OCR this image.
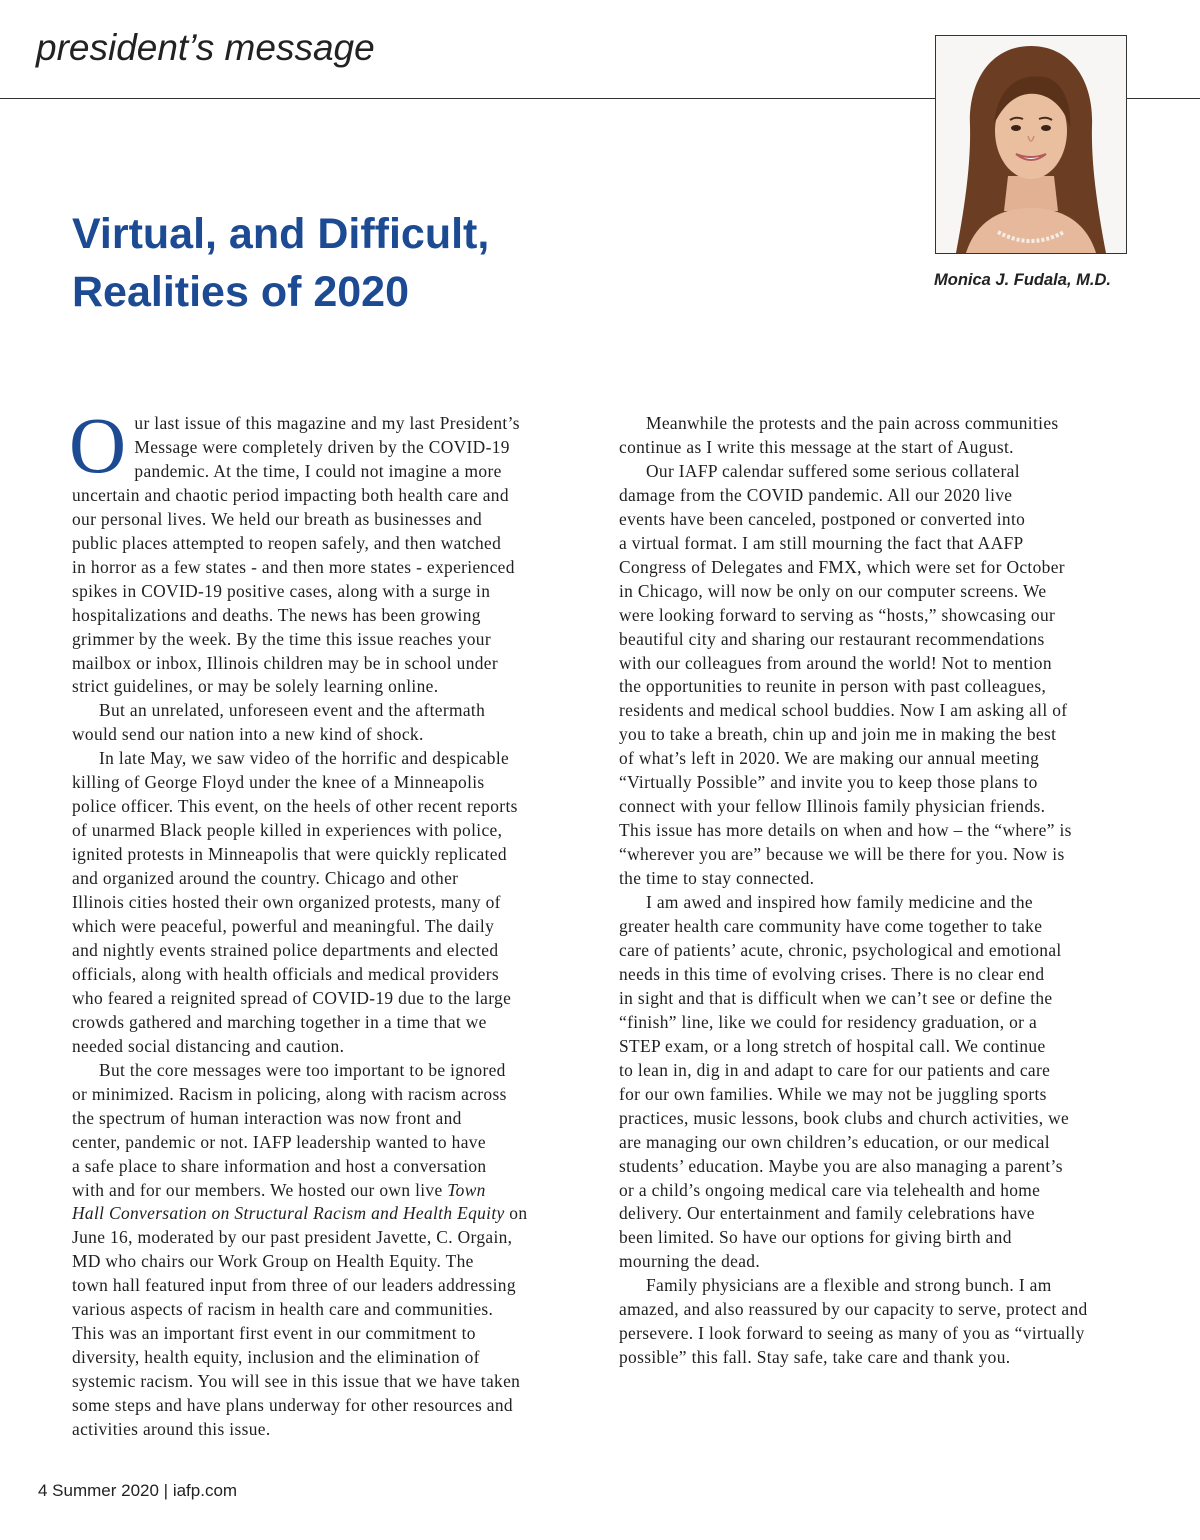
president’s message

Monica J. Fudala, M.D.

Virtual, and Difficult,
Realities of 2020

O ur last issue of this magazine and my last President’s
Message were completely driven by the COVID-19
pandemic. At the time, I could not imagine a more
uncertain and chaotic period impacting both health care and
our personal lives. We held our breath as businesses and
public places attempted to reopen safely, and then watched
in horror as a few states - and then more states - experienced
spikes in COVID-19 positive cases, along with a surge in
hospitalizations and deaths. The news has been growing
grimmer by the week. By the time this issue reaches your
mailbox or inbox, Illinois children may be in school under
strict guidelines, or may be solely learning online.

But an unrelated, unforeseen event and the aftermath
would send our nation into a new kind of shock.

In late May, we saw video of the horrific and despicable
killing of George Floyd under the knee of a Minneapolis
police officer. This event, on the heels of other recent reports
of unarmed Black people killed in experiences with police,
ignited protests in Minneapolis that were quickly replicated
and organized around the country. Chicago and other
Illinois cities hosted their own organized protests, many of
which were peaceful, powerful and meaningful. The daily
and nightly events strained police departments and elected
officials, along with health officials and medical providers
who feared a reignited spread of COVID-19 due to the large
crowds gathered and marching together in a time that we
needed social distancing and caution.

But the core messages were too important to be ignored
or minimized. Racism in policing, along with racism across
the spectrum of human interaction was now front and
center, pandemic or not. IAFP leadership wanted to have
a safe place to share information and host a conversation
with and for our members. We hosted our own live Town
Hall Conversation on Structural Racism and Health Equity on
June 16, moderated by our past president Javette, C. Orgain,
MD who chairs our Work Group on Health Equity. The
town hall featured input from three of our leaders addressing
various aspects of racism in health care and communities.
This was an important first event in our commitment to
diversity, health equity, inclusion and the elimination of
systemic racism. You will see in this issue that we have taken
some steps and have plans underway for other resources and
activities around this issue.

Meanwhile the protests and the pain across communities
continue as I write this message at the start of August.

Our IAFP calendar suffered some serious collateral
damage from the COVID pandemic. All our 2020 live
events have been canceled, postponed or converted into
a virtual format. I am still mourning the fact that AAFP
Congress of Delegates and FMX, which were set for October
in Chicago, will now be only on our computer screens. We
were looking forward to serving as “hosts,” showcasing our
beautiful city and sharing our restaurant recommendations
with our colleagues from around the world! Not to mention
the opportunities to reunite in person with past colleagues,
residents and medical school buddies. Now I am asking all of
you to take a breath, chin up and join me in making the best
of what’s left in 2020. We are making our annual meeting
“Virtually Possible” and invite you to keep those plans to
connect with your fellow Illinois family physician friends.
This issue has more details on when and how – the “where” is
“wherever you are” because we will be there for you. Now is
the time to stay connected.

I am awed and inspired how family medicine and the
greater health care community have come together to take
care of patients’ acute, chronic, psychological and emotional
needs in this time of evolving crises. There is no clear end
in sight and that is difficult when we can’t see or define the
“finish” line, like we could for residency graduation, or a
STEP exam, or a long stretch of hospital call. We continue
to lean in, dig in and adapt to care for our patients and care
for our own families. While we may not be juggling sports
practices, music lessons, book clubs and church activities, we
are managing our own children’s education, or our medical
students’ education. Maybe you are also managing a parent’s
or a child’s ongoing medical care via telehealth and home
delivery. Our entertainment and family celebrations have
been limited. So have our options for giving birth and
mourning the dead.

Family physicians are a flexible and strong bunch. I am
amazed, and also reassured by our capacity to serve, protect and
persevere. I look forward to seeing as many of you as “virtually
possible” this fall. Stay safe, take care and thank you.

4 Summer 2020 | iafp.com
